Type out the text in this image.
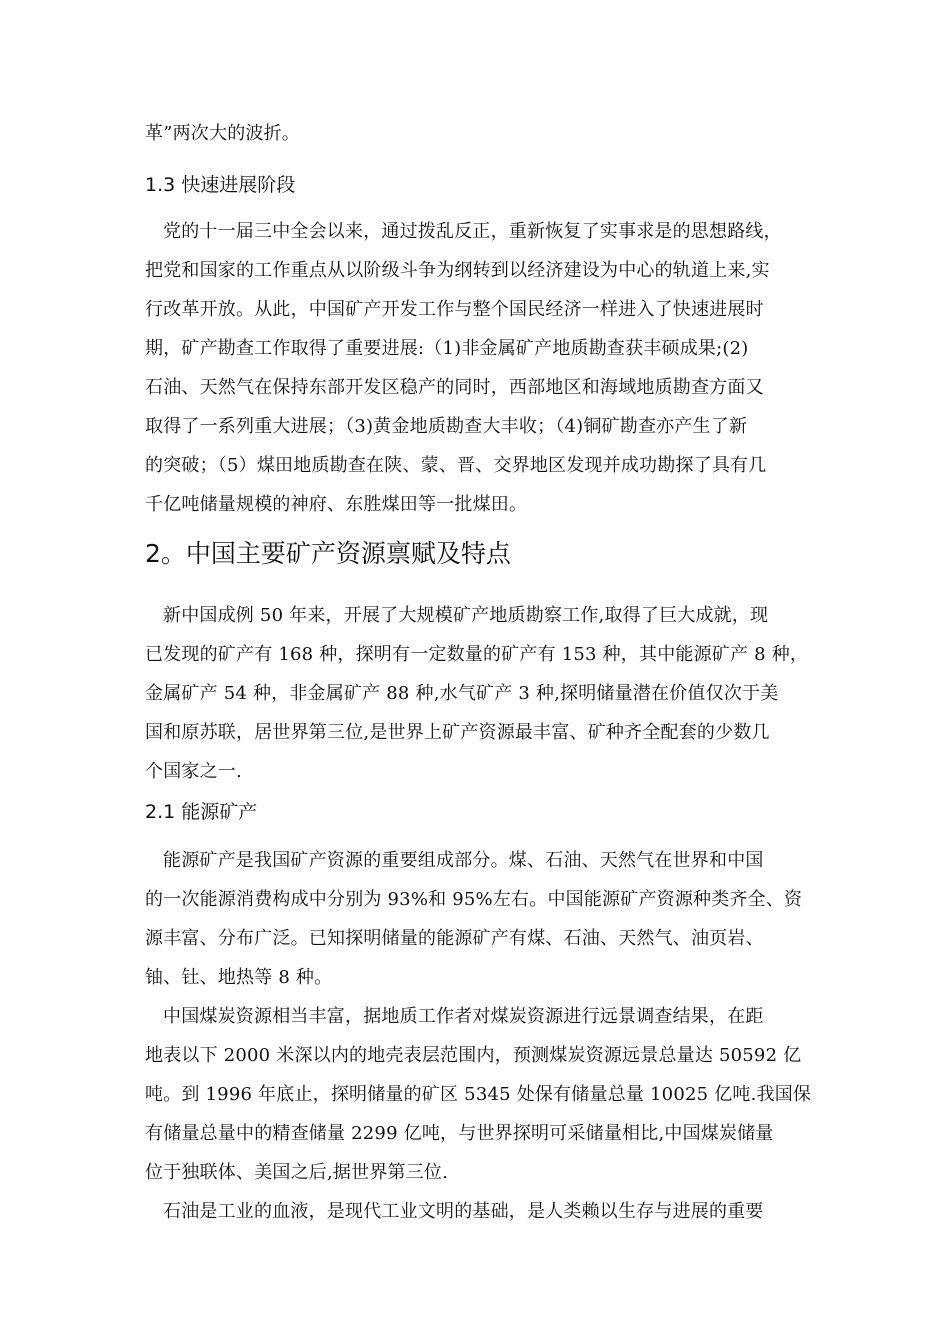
革”两次大的波折。
1.3 快速进展阶段
党的十一届三中全会以来，通过拨乱反正，重新恢复了实事求是的思想路线，
把党和国家的工作重点从以阶级斗争为纲转到以经济建设为中心的轨道上来,实
行改革开放。从此，中国矿产开发工作与整个国民经济一样进入了快速进展时
期，矿产勘查工作取得了重要进展:（1)非金属矿产地质勘查获丰硕成果;(2)
石油、天然气在保持东部开发区稳产的同时，西部地区和海域地质勘查方面又
取得了一系列重大进展；（3)黄金地质勘查大丰收；（4)铜矿勘查亦产生了新
的突破；（5）煤田地质勘查在陕、蒙、晋、交界地区发现并成功勘探了具有几
千亿吨储量规模的神府、东胜煤田等一批煤田。
2。中国主要矿产资源禀赋及特点
新中国成例 50 年来，开展了大规模矿产地质勘察工作,取得了巨大成就，现
已发现的矿产有 168 种，探明有一定数量的矿产有 153 种，其中能源矿产 8 种，
金属矿产 54 种，非金属矿产 88 种,水气矿产 3 种,探明储量潜在价值仅次于美
国和原苏联，居世界第三位,是世界上矿产资源最丰富、矿种齐全配套的少数几
个国家之一.
2.1 能源矿产
能源矿产是我国矿产资源的重要组成部分。煤、石油、天然气在世界和中国
的一次能源消费构成中分别为 93%和 95%左右。中国能源矿产资源种类齐全、资
源丰富、分布广泛。已知探明储量的能源矿产有煤、石油、天然气、油页岩、
铀、钍、地热等 8 种。
中国煤炭资源相当丰富，据地质工作者对煤炭资源进行远景调查结果，在距
地表以下 2000 米深以内的地壳表层范围内，预测煤炭资源远景总量达 50592 亿
吨。到 1996 年底止，探明储量的矿区 5345 处保有储量总量 10025 亿吨.我国保
有储量总量中的精查储量 2299 亿吨，与世界探明可采储量相比,中国煤炭储量
位于独联体、美国之后,据世界第三位.
石油是工业的血液，是现代工业文明的基础，是人类赖以生存与进展的重要
